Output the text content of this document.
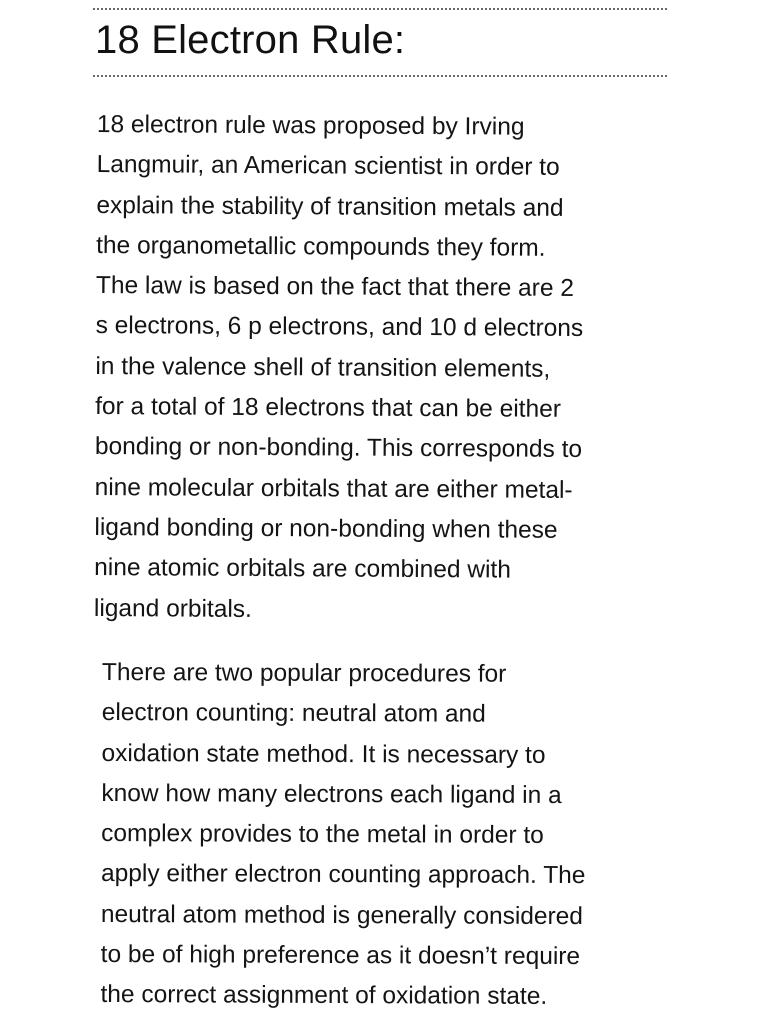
18 Electron Rule:
18 electron rule was proposed by Irving
Langmuir, an American scientist in order to
explain the stability of transition metals and
the organometallic compounds they form.
The law is based on the fact that there are 2
s electrons, 6 p electrons, and 10 d electrons
in the valence shell of transition elements,
for a total of 18 electrons that can be either
bonding or non-bonding. This corresponds to
nine molecular orbitals that are either metal-
ligand bonding or non-bonding when these
nine atomic orbitals are combined with
ligand orbitals.
There are two popular procedures for
electron counting: neutral atom and
oxidation state method. It is necessary to
know how many electrons each ligand in a
complex provides to the metal in order to
apply either electron counting approach. The
neutral atom method is generally considered
to be of high preference as it doesn’t require
the correct assignment of oxidation state.
